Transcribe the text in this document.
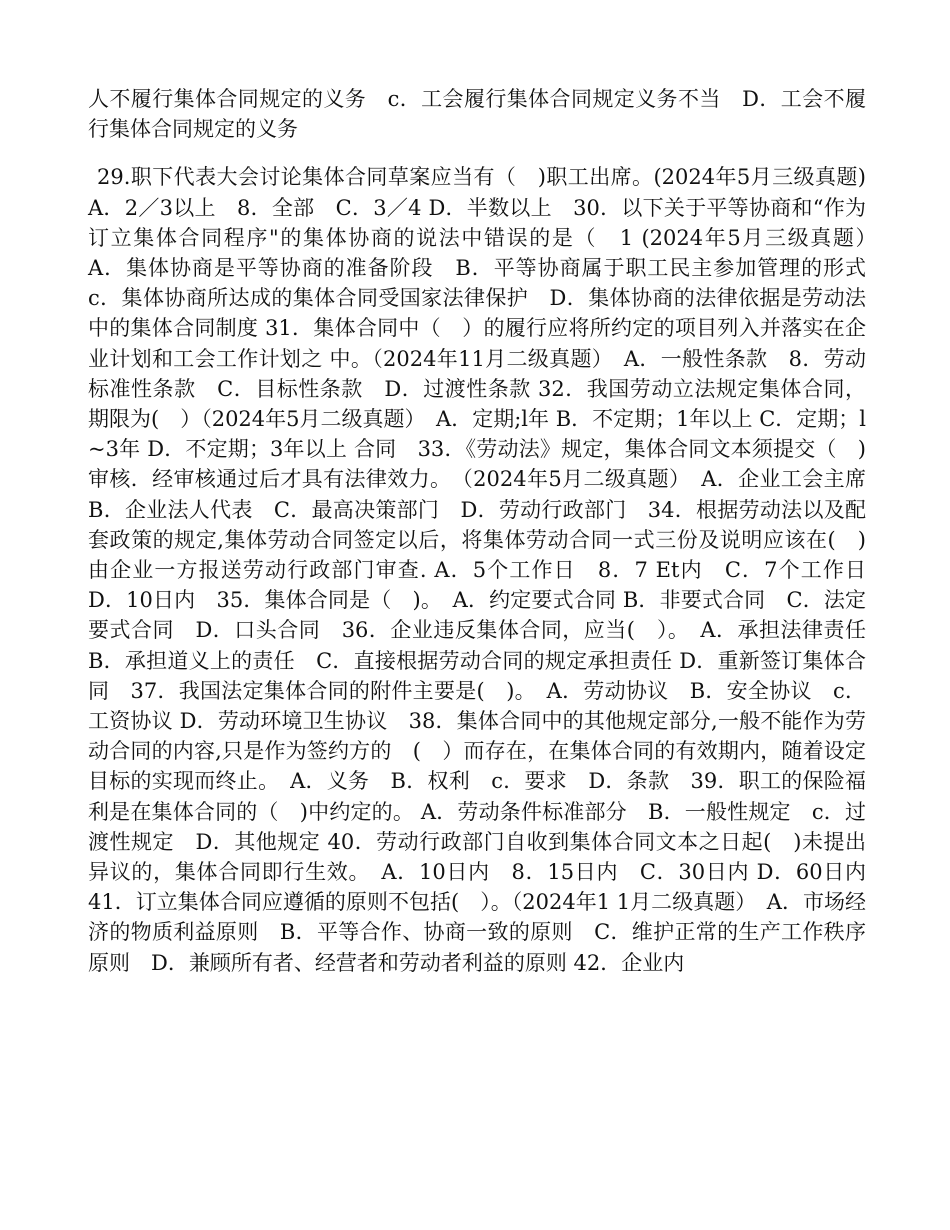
人不履行集体合同规定的义务　c．工会履行集体合同规定义务不当　D．工会不履行集体合同规定的义务

29.职下代表大会讨论集体合同草案应当有（　)职工出席。(2024年5月三级真题)　A．2／3以上　8．全部　C．3／4 D．半数以上　30．以下关于平等协商和“作为订立集体合同程序"的集体协商的说法中错误的是（　1 (2024年5月三级真题）　A．集体协商是平等协商的准备阶段　B．平等协商属于职工民主参加管理的形式　c．集体协商所达成的集体合同受国家法律保护　D．集体协商的法律依据是劳动法中的集体合同制度 31．集体合同中（　）的履行应将所约定的项目列入并落实在企业计划和工会工作计划之 中。（2024年11月二级真题）　A．一般性条款　8．劳动标准性条款　C．目标性条款　D．过渡性条款 32．我国劳动立法规定集体合同，期限为(　）（2024年5月二级真题）　A．定期;l年 B．不定期；1年以上 C．定期；l~3年 D．不定期；3年以上 合同　33．《劳动法》规定，集体合同文本须提交（　)审核．经审核通过后才具有法律效力。　（2024年5月二级真题）　A．企业工会主席　B．企业法人代表　C．最高决策部门　D．劳动行政部门　34．根据劳动法以及配套政策的规定,集体劳动合同签定以后，将集体劳动合同一式三份及说明应该在(　)由企业一方报送劳动行政部门审查. A．5个工作日　8．7 Et内　C．7个工作日 D．10日内　35．集体合同是（　)。　A．约定要式合同 B．非要式合同　C．法定要式合同　D．口头合同　36．企业违反集体合同，应当(　）。　A．承担法律责任　B．承担道义上的责任　C．直接根据劳动合同的规定承担责任 D．重新签订集体合同　37．我国法定集体合同的附件主要是(　)。　A．劳动协议　B．安全协议　c．工资协议 D．劳动环境卫生协议　38．集体合同中的其他规定部分,一般不能作为劳动合同的内容,只是作为签约方的　(　）而存在，在集体合同的有效期内，随着设定目标的实现而终止。　A．义务　B．权利　c．要求　D．条款　39．职工的保险福利是在集体合同的（　)中约定的。 A．劳动条件标准部分　B．一般性规定　c．过渡性规定　D．其他规定 40．劳动行政部门自收到集体合同文本之日起(　)未提出异议的，集体合同即行生效。　A．10日内　8．15日内　C．30日内 D．60日内　41．订立集体合同应遵循的原则不包括(　）。（2024年1 1月二级真题）　A．市场经济的物质利益原则　B．平等合作、协商一致的原则　C．维护正常的生产工作秩序原则　D．兼顾所有者、经营者和劳动者利益的原则 42．企业内
